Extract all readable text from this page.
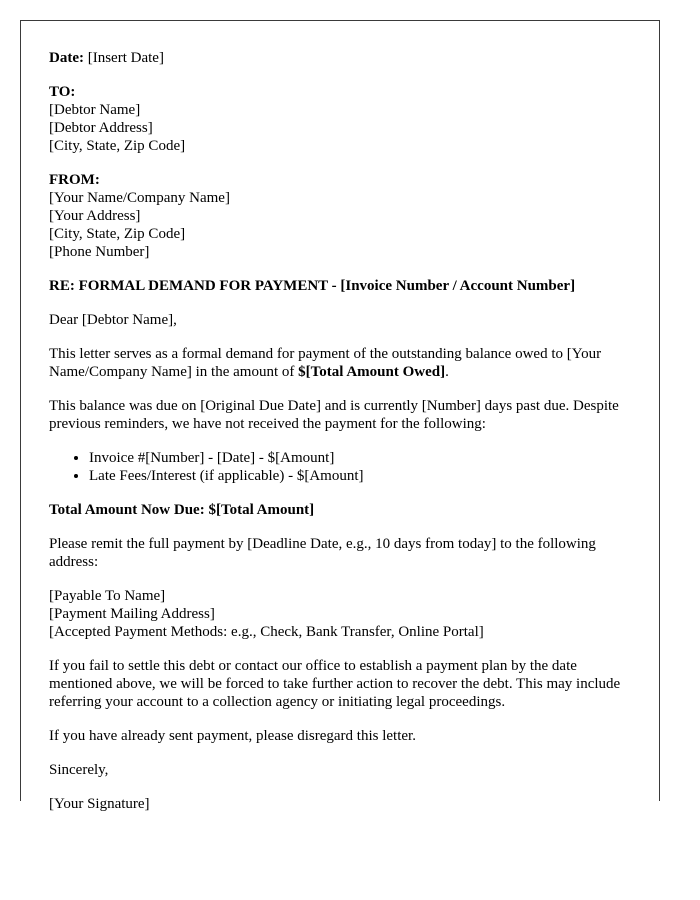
Date: [Insert Date]
TO:
[Debtor Name]
[Debtor Address]
[City, State, Zip Code]
FROM:
[Your Name/Company Name]
[Your Address]
[City, State, Zip Code]
[Phone Number]
RE: FORMAL DEMAND FOR PAYMENT - [Invoice Number / Account Number]
Dear [Debtor Name],
This letter serves as a formal demand for payment of the outstanding balance owed to [Your Name/Company Name] in the amount of $[Total Amount Owed].
This balance was due on [Original Due Date] and is currently [Number] days past due. Despite previous reminders, we have not received the payment for the following:
• Invoice #[Number] - [Date] - $[Amount]
• Late Fees/Interest (if applicable) - $[Amount]
Total Amount Now Due: $[Total Amount]
Please remit the full payment by [Deadline Date, e.g., 10 days from today] to the following address:
[Payable To Name]
[Payment Mailing Address]
[Accepted Payment Methods: e.g., Check, Bank Transfer, Online Portal]
If you fail to settle this debt or contact our office to establish a payment plan by the date mentioned above, we will be forced to take further action to recover the debt. This may include referring your account to a collection agency or initiating legal proceedings.
If you have already sent payment, please disregard this letter.
Sincerely,
[Your Signature]
